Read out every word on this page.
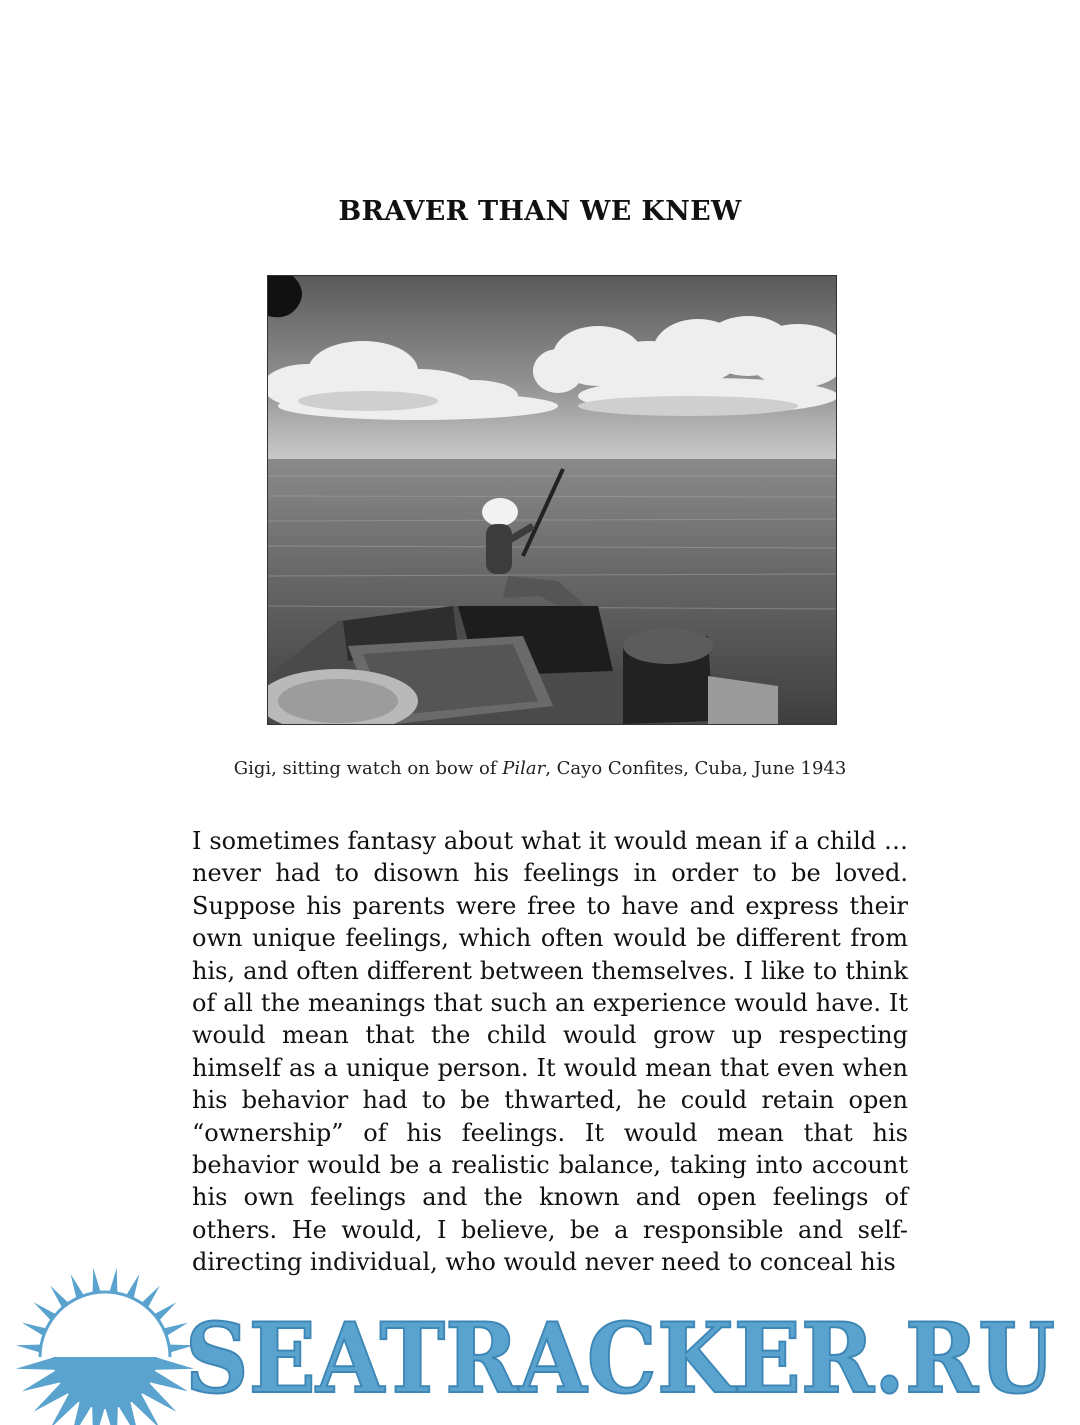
BRAVER THAN WE KNEW

Gigi, sitting watch on bow of Pilar, Cayo Confites, Cuba, June 1943

I sometimes fantasy about what it would mean if a child … never had to disown his feelings in order to be loved. Suppose his parents were free to have and express their own unique feelings, which often would be different from his, and often different between themselves. I like to think of all the meanings that such an experience would have. It would mean that the child would grow up respecting himself as a unique person. It would mean that even when his behavior had to be thwarted, he could retain open “ownership” of his feelings. It would mean that his behavior would be a realistic balance, taking into account his own feelings and the known and open feelings of others. He would, I believe, be a responsible and self-directing individual, who would never need to conceal his

SEATRACKER.RU
